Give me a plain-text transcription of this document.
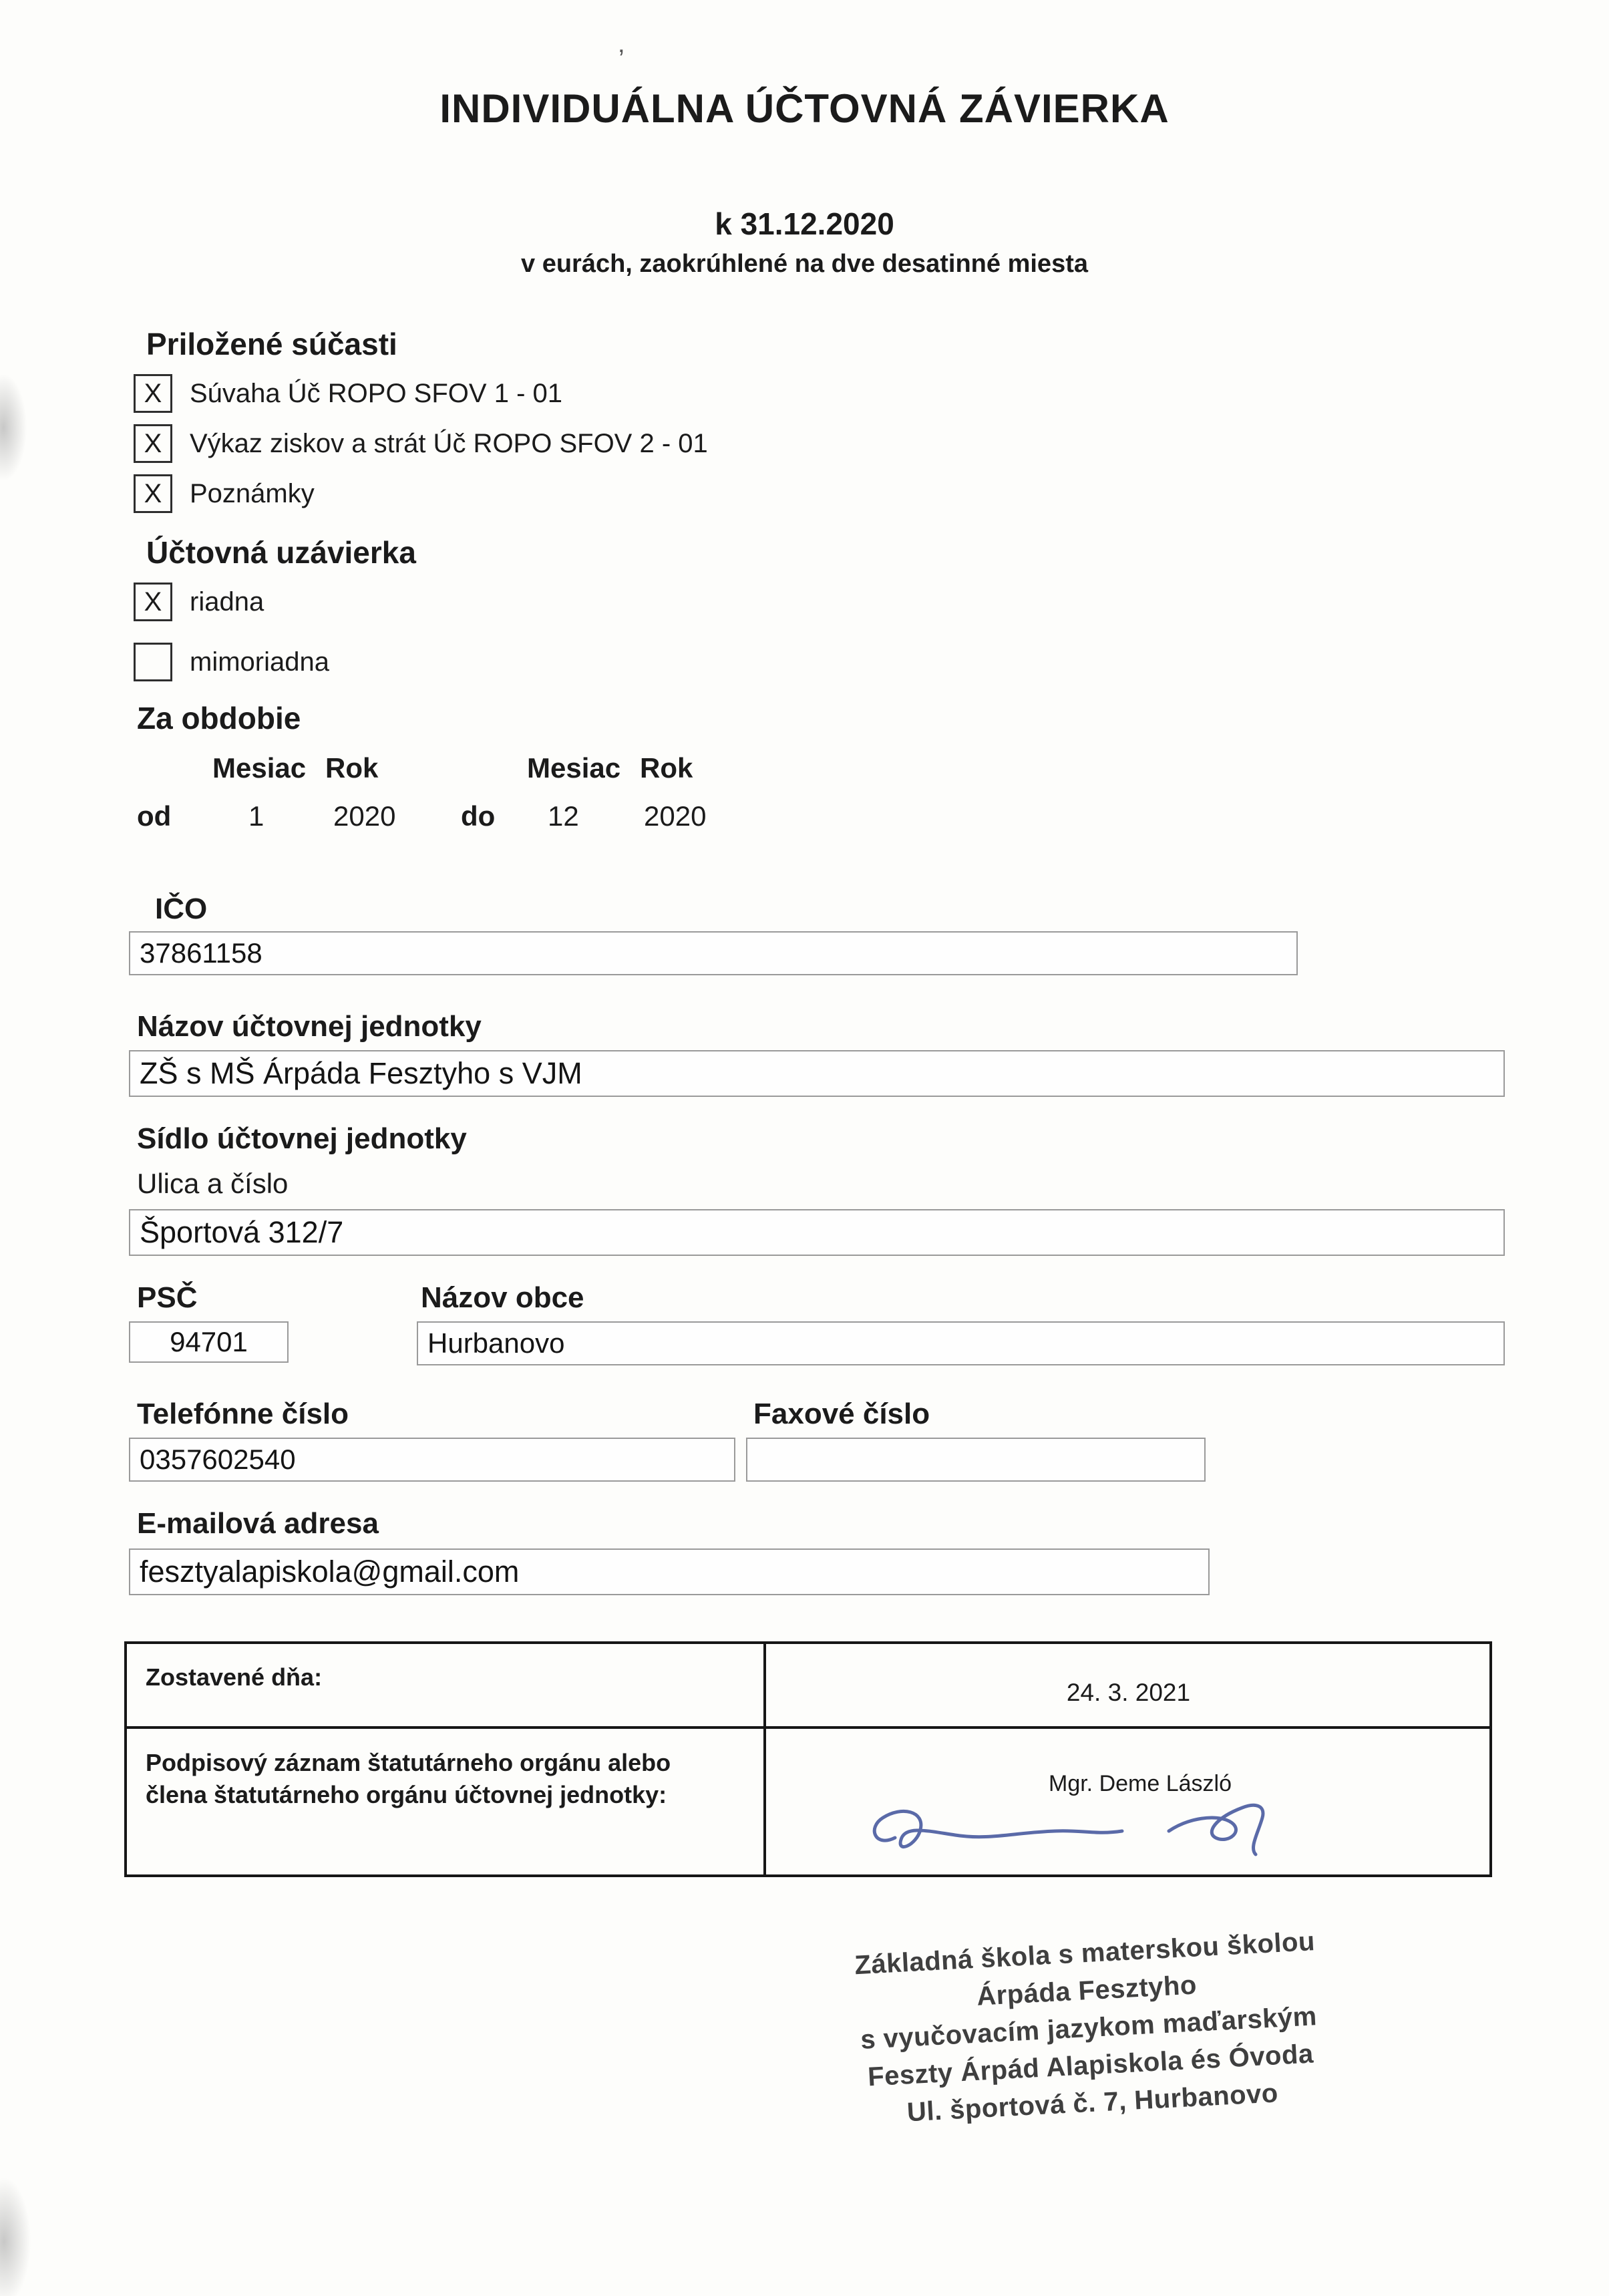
ʼ
INDIVIDUÁLNA ÚČTOVNÁ ZÁVIERKA
k 31.12.2020
v eurách, zaokrúhlené na dve desatinné miesta
Priložené súčasti
X	Súvaha Úč ROPO SFOV 1 - 01
X	Výkaz ziskov a strát Úč ROPO SFOV 2 - 01
X	Poznámky
Účtovná uzávierka
X	riadna
mimoriadna
Za obdobie
Mesiac Rok	Mesiac Rok
od	1 2020 do 12 2020
IČO
37861158
Názov účtovnej jednotky
ZŠ s MŠ Árpáda Fesztyho s VJM
Sídlo účtovnej jednotky
Ulica a číslo
Športová 312/7
PSČ	Názov obce
94701	Hurbanovo
Telefónne číslo	Faxové číslo
0357602540
E-mailová adresa
fesztyalapiskola@gmail.com
Zostavené dňa:
24. 3. 2021
Podpisový záznam štatutárneho orgánu alebo člena štatutárneho orgánu účtovnej jednotky:	Mgr. Deme László
Základná škola s materskou školou
Árpáda Fesztyho
s vyučovacím jazykom maďarským
Feszty Árpád Alapiskola és Óvoda
Ul. športová č. 7, Hurbanovo
